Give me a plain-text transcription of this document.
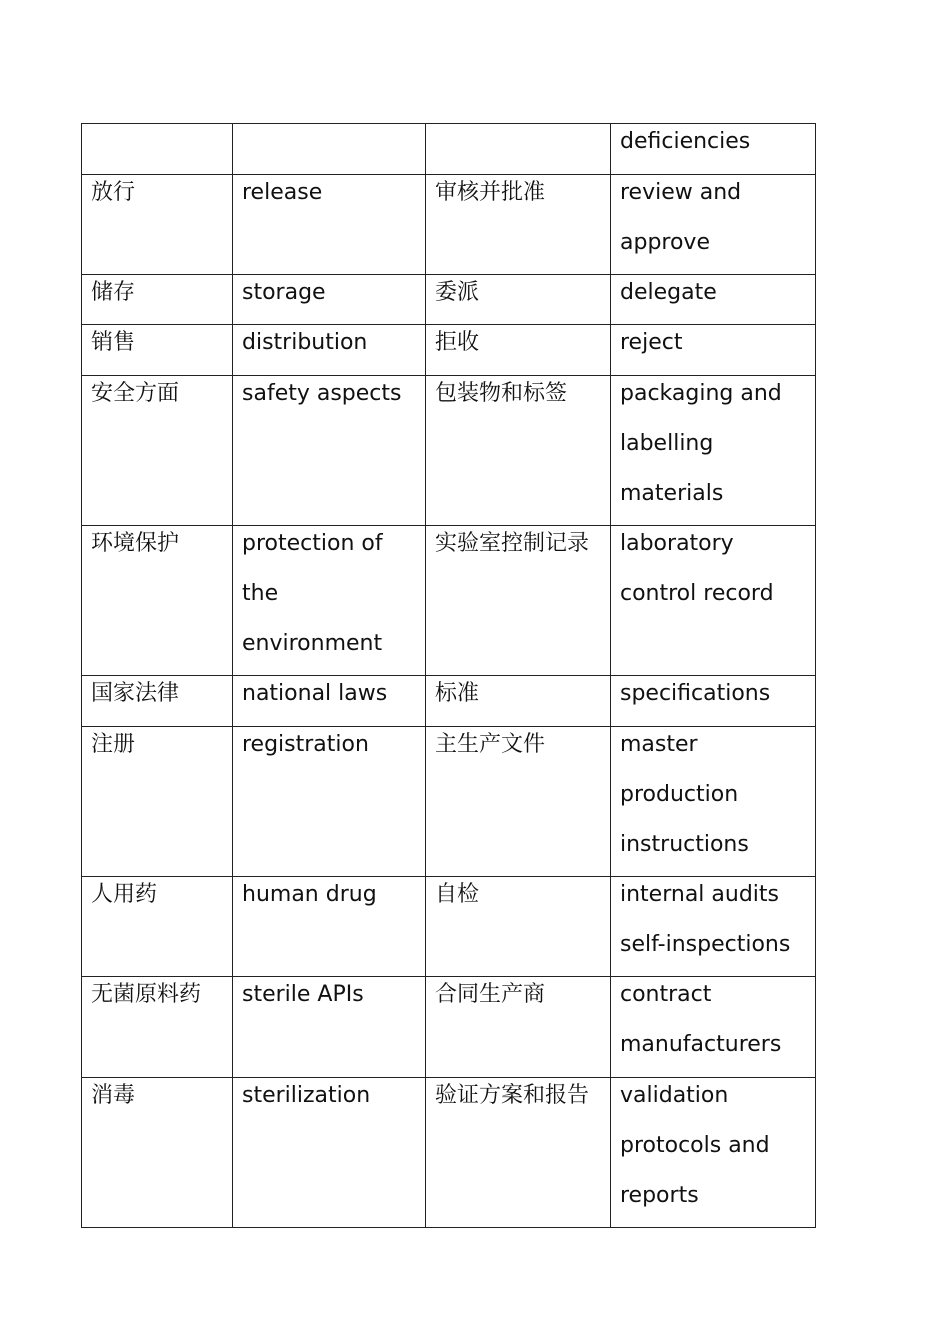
			deficiencies

放行	release	审核并批准	review and approve

储存	storage	委派	delegate

销售	distribution	拒收	reject

安全方面	safety aspects	包装物和标签	packaging and labelling materials

环境保护	protection of the environment	实验室控制记录	laboratory control record

国家法律	national laws	标准	specifications

注册	registration	主生产文件	master production instructions

人用药	human drug	自检	internal audits self-inspections

无菌原料药	sterile APIs	合同生产商	contract manufacturers

消毒	sterilization	验证方案和报告	validation protocols and reports
